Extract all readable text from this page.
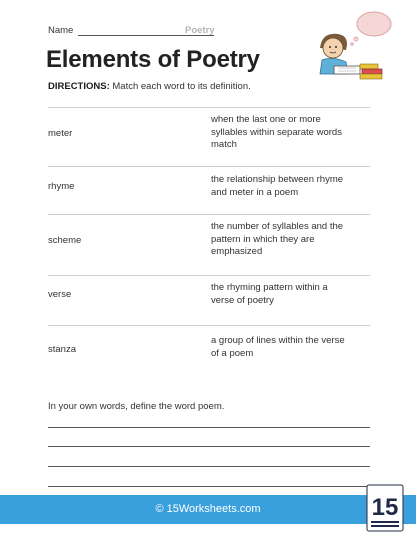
Name	Poetry
Elements of Poetry
DIRECTIONS: Match each word to its definition.
meter
when the last one or more
syllables within separate words
match
rhyme
the relationship between rhyme
and meter in a poem
scheme
the number of syllables and the
pattern in which they are
emphasized
verse
the rhyming pattern within a
verse of poetry
stanza
a group of lines within the verse
of a poem
In your own words, define the word poem.
© 15Worksheets.com	15
